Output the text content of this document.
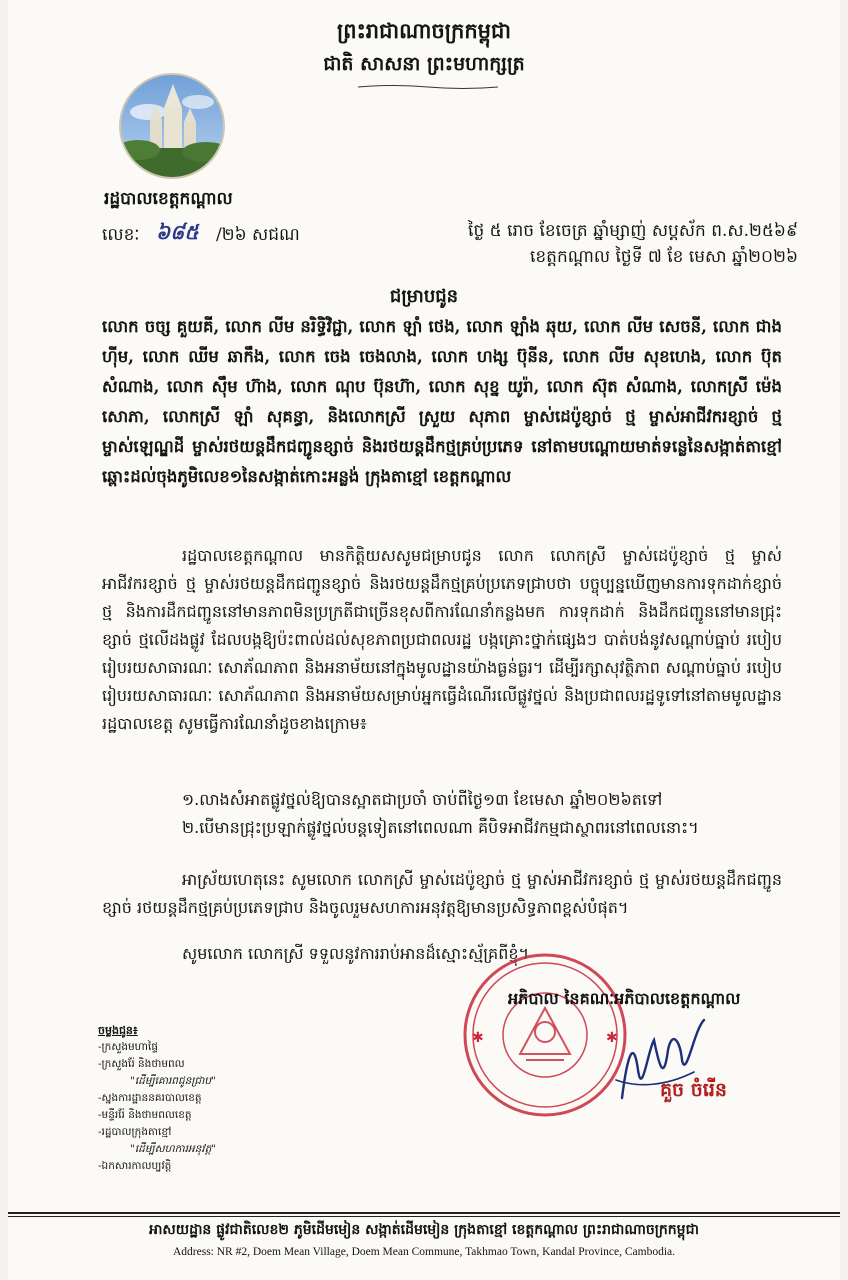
ព្រះរាជាណាចក្រកម្ពុជា
ជាតិ សាសនា ព្រះមហាក្សត្រ
រដ្ឋបាលខេត្តកណ្ដាល
លេខៈ ៦៨៥ /២៦ សជណ	ថ្ងៃ ៥ រោច ខែចេត្រ ឆ្នាំម្សាញ់ សប្តស័ក ព.ស.២៥៦៩
ខេត្តកណ្ដាល ថ្ងៃទី ៧ ខែ មេសា ឆ្នាំ២០២៦
ជម្រាបជូន
លោក ចច្ស គួយគី, លោក លីម នរិទ្ធិវិជ្ជា, លោក ឡាំ ថេង, លោក ឡាំង ឆុយ, លោក លីម សេចនី, លោក ជាង ហ៊ីម, លោក ឈីម ឆាកឹង, លោក ចេង ចេងលាង, លោក ហង្ស ប៊ុនីន, លោក លីម សុខហេង, លោក ប៊ុត សំណាង, លោក ស៊ឹម ហ៊ាង, លោក ណុប ប៊ុនហ៊ា, លោក សុខ្ន យូរ៉ា, លោក ស៊ុត សំណាង, លោកស្រី ម៉េង សោភា, លោកស្រី ឡាំ សុគន្ធា, និងលោកស្រី ស្រួយ សុភាព ម្ចាស់ដេប៉ូខ្សាច់ ថ្ម ម្ចាស់អាជីវករខ្សាច់ ថ្ម ម្ចាស់ឡេណ្ឌដី ម្ចាស់រថយន្តដឹកជញ្ជូនខ្សាច់ និងរថយន្តដឹកថ្មគ្រប់ប្រភេទ នៅតាមបណ្ដោយមាត់ទន្លេនៃសង្កាត់តាខ្មៅឆ្ពោះដល់ចុងភូមិលេខ១នៃសង្កាត់កោះអន្លង់ ក្រុងតាខ្មៅ ខេត្តកណ្ដាល
រដ្ឋបាលខេត្តកណ្ដាល មានកិត្តិយសសូមជម្រាបជូន លោក លោកស្រី ម្ចាស់ដេប៉ូខ្សាច់ ថ្ម ម្ចាស់អាជីវករខ្សាច់ ថ្ម ម្ចាស់រថយន្តដឹកជញ្ជូនខ្សាច់ និងរថយន្តដឹកថ្មគ្រប់ប្រភេទជ្រាបថា បច្ចុប្បន្នឃើញមានការទុកដាក់ខ្សាច់ ថ្ម និងការដឹកជញ្ជូននៅមានភាពមិនប្រក្រតីជាច្រើនខុសពីការណែនាំកន្លងមក ការទុកដាក់ និងដឹកជញ្ជូននៅមានជ្រុះខ្សាច់ ថ្មលើដងផ្លូវ ដែលបង្កឱ្យប៉ះពាល់ដល់សុខភាពប្រជាពលរដ្ឋ បង្កគ្រោះថ្នាក់ផ្សេងៗ បាត់បង់នូវសណ្ដាប់ធ្នាប់ របៀបរៀបរយសាធារណៈ សោភ័ណភាព និងអនាម័យនៅក្នុងមូលដ្ឋានយ៉ាងធ្ងន់ធ្ងរ។ ដើម្បីរក្សាសុវត្ថិភាព សណ្ដាប់ធ្នាប់ របៀបរៀបរយសាធារណៈ សោភ័ណភាព និងអនាម័យសម្រាប់អ្នកធ្វើដំណើរលើផ្លូវថ្នល់ និងប្រជាពលរដ្ឋទូទៅនៅតាមមូលដ្ឋាន រដ្ឋបាលខេត្ត សូមធ្វើការណែនាំដូចខាងក្រោម៖
១.លាងសំអាតផ្លូវថ្នល់ឱ្យបានស្អាតជាប្រចាំ ចាប់ពីថ្ងៃ១៣ ខែមេសា ឆ្នាំ២០២៦តទៅ
២.បើមានជ្រុះប្រឡាក់ផ្លូវថ្នល់បន្តទៀតនៅពេលណា គឺបិទអាជីវកម្មជាស្ថាពរនៅពេលនោះ។
អាស្រ័យហេតុនេះ សូមលោក លោកស្រី ម្ចាស់ដេប៉ូខ្សាច់ ថ្ម ម្ចាស់អាជីវករខ្សាច់ ថ្ម ម្ចាស់រថយន្តដឹកជញ្ជូនខ្សាច់ រថយន្តដឹកថ្មគ្រប់ប្រភេទជ្រាប និងចូលរួមសហការអនុវត្តឱ្យមានប្រសិទ្ធភាពខ្ពស់បំផុត។
សូមលោក លោកស្រី ទទួលនូវការរាប់អានដ៏ស្មោះស្ម័គ្រពីខ្ញុំ។
✱	✱
អភិបាល នៃគណៈអភិបាលខេត្តកណ្ដាល
គួច ចំរើន
ចម្លងជូន៖
-ក្រសួងមហាផ្ទៃ
-ក្រសួងរ៉ែ និងថាមពល
"ដើម្បីគោរពជូនជ្រាប"
-ស្នងការដ្ឋាននគរបាលខេត្ត
-មន្ទីររ៉ែ និងថាមពលខេត្ត
-រដ្ឋបាលក្រុងតាខ្មៅ
"ដើម្បីសហការអនុវត្ត"
-ឯកសារកាលប្បវត្តិ
អាសយដ្ឋាន ផ្លូវជាតិលេខ២ ភូមិដើមមៀន សង្កាត់ដើមមៀន ក្រុងតាខ្មៅ ខេត្តកណ្ដាល ព្រះរាជាណាចក្រកម្ពុជា
Address: NR #2, Doem Mean Village, Doem Mean Commune, Takhmao Town, Kandal Province, Cambodia.
